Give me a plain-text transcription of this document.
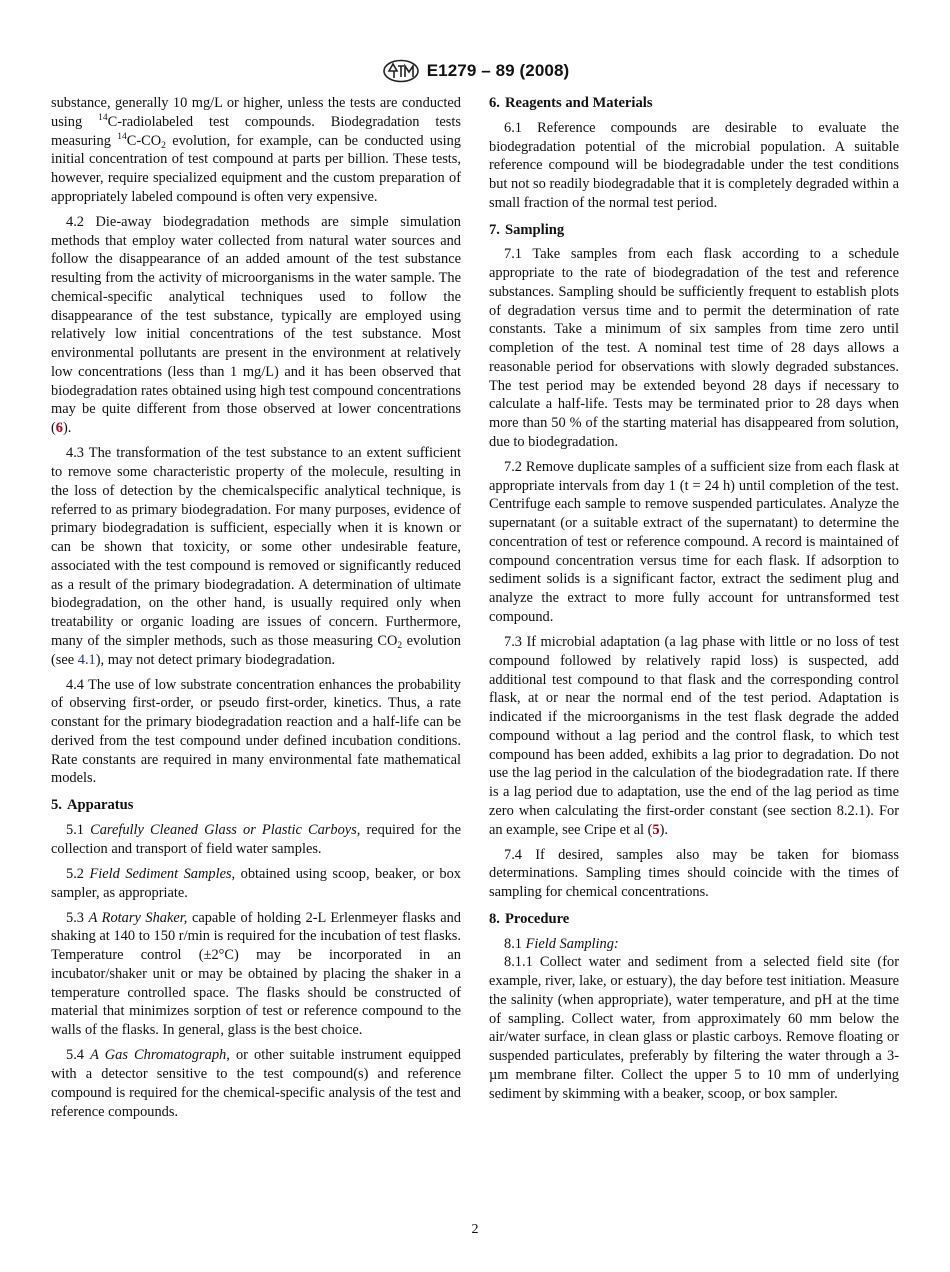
E1279 – 89 (2008)

substance, generally 10 mg/L or higher, unless the tests are conducted using $^{14}$C-radiolabeled test compounds. Biodegradation tests measuring $^{14}C-CO_2$ evolution, for example, can be conducted using initial concentration of test compound at parts per billion. These tests, however, require specialized equipment and the custom preparation of appropriately labeled compound is often very expensive.

4.2 Die-away biodegradation methods are simple simulation methods that employ water collected from natural water sources and follow the disappearance of an added amount of the test substance resulting from the activity of microorganisms in the water sample. The chemical-specific analytical techniques used to follow the disappearance of the test substance, typically are employed using relatively low initial concentrations of the test substance. Most environmental pollutants are present in the environment at relatively low concentrations (less than 1 mg/L) and it has been observed that biodegradation rates obtained using high test compound concentrations may be quite different from those observed at lower concentrations (6).

4.3 The transformation of the test substance to an extent sufficient to remove some characteristic property of the molecule, resulting in the loss of detection by the chemicalspecific analytical technique, is referred to as primary biodegradation. For many purposes, evidence of primary biodegradation is sufficient, especially when it is known or can be shown that toxicity, or some other undesirable feature, associated with the test compound is removed or significantly reduced as a result of the primary biodegradation. A determination of ultimate biodegradation, on the other hand, is usually required only when treatability or organic loading are issues of concern. Furthermore, many of the simpler methods, such as those measuring $CO_2$ evolution (see 4.1), may not detect primary biodegradation.

4.4 The use of low substrate concentration enhances the probability of observing first-order, or pseudo first-order, kinetics. Thus, a rate constant for the primary biodegradation reaction and a half-life can be derived from the test compound under defined incubation conditions. Rate constants are required in many environmental fate mathematical models.

5. Apparatus

5.1 Carefully Cleaned Glass or Plastic Carboys, required for the collection and transport of field water samples.

5.2 Field Sediment Samples, obtained using scoop, beaker, or box sampler, as appropriate.

5.3 A Rotary Shaker, capable of holding 2-L Erlenmeyer flasks and shaking at 140 to 150 r/min is required for the incubation of test flasks. Temperature control (±2°C) may be incorporated in an incubator/shaker unit or may be obtained by placing the shaker in a temperature controlled space. The flasks should be constructed of material that minimizes sorption of test or reference compound to the walls of the flasks. In general, glass is the best choice.

5.4 A Gas Chromatograph, or other suitable instrument equipped with a detector sensitive to the test compound(s) and reference compound is required for the chemical-specific analysis of the test and reference compounds.

6. Reagents and Materials

6.1 Reference compounds are desirable to evaluate the biodegradation potential of the microbial population. A suitable reference compound will be biodegradable under the test conditions but not so readily biodegradable that it is completely degraded within a small fraction of the normal test period.

7. Sampling

7.1 Take samples from each flask according to a schedule appropriate to the rate of biodegradation of the test and reference substances. Sampling should be sufficiently frequent to establish plots of degradation versus time and to permit the determination of rate constants. Take a minimum of six samples from time zero until completion of the test. A nominal test time of 28 days allows a reasonable period for observations with slowly degraded substances. The test period may be extended beyond 28 days if necessary to calculate a half-life. Tests may be terminated prior to 28 days when more than 50 % of the starting material has disappeared from solution, due to biodegradation.

7.2 Remove duplicate samples of a sufficient size from each flask at appropriate intervals from day 1 (t = 24 h) until completion of the test. Centrifuge each sample to remove suspended particulates. Analyze the supernatant (or a suitable extract of the supernatant) to determine the concentration of test or reference compound. A record is maintained of compound concentration versus time for each flask. If adsorption to sediment solids is a significant factor, extract the sediment plug and analyze the extract to more fully account for untransformed test compound.

7.3 If microbial adaptation (a lag phase with little or no loss of test compound followed by relatively rapid loss) is suspected, add additional test compound to that flask and the corresponding control flask, at or near the normal end of the test period. Adaptation is indicated if the microorganisms in the test flask degrade the added compound without a lag period and the control flask, to which test compound has been added, exhibits a lag prior to degradation. Do not use the lag period in the calculation of the biodegradation rate. If there is a lag period due to adaptation, use the end of the lag period as time zero when calculating the first-order constant (see section 8.2.1). For an example, see Cripe et al (5).

7.4 If desired, samples also may be taken for biomass determinations. Sampling times should coincide with the times of sampling for chemical concentrations.

8. Procedure

8.1 Field Sampling:

8.1.1 Collect water and sediment from a selected field site (for example, river, lake, or estuary), the day before test initiation. Measure the salinity (when appropriate), water temperature, and pH at the time of sampling. Collect water, from approximately 60 mm below the air/water surface, in clean glass or plastic carboys. Remove floating or suspended particulates, preferably by filtering the water through a 3-µm membrane filter. Collect the upper 5 to 10 mm of underlying sediment by skimming with a beaker, scoop, or box sampler.

2
